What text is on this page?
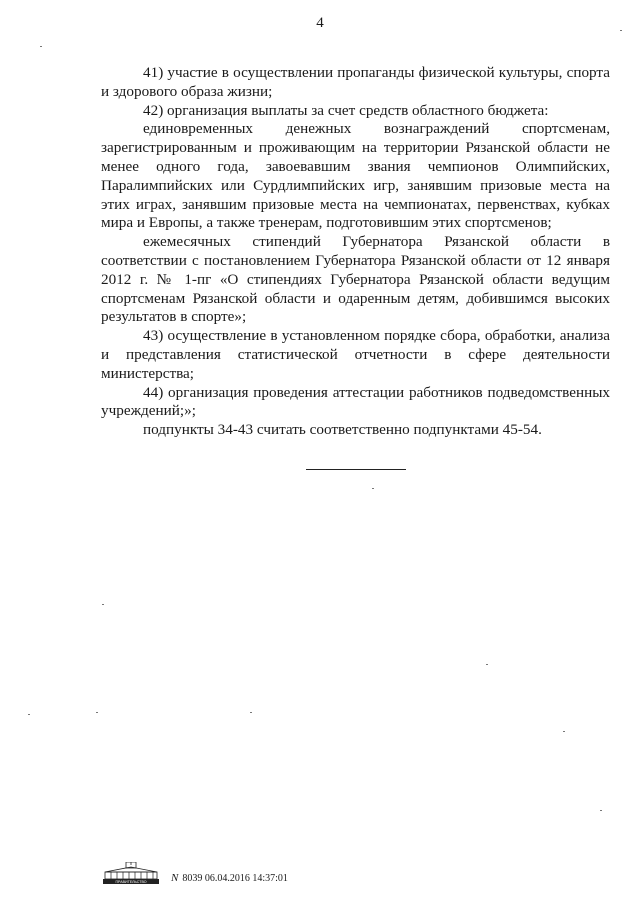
4

41) участие в осуществлении пропаганды физической культуры, спорта и здорового образа жизни;

42) организация выплаты за счет средств областного бюджета:

единовременных денежных вознаграждений спортсменам, зарегистрированным и проживающим на территории Рязанской области не менее одного года, завоевавшим звания чемпионов Олимпийских, Паралимпийских или Сурдлимпийских игр, занявшим призовые места на этих играх, занявшим призовые места на чемпионатах, первенствах, кубках мира и Европы, а также тренерам, подготовившим этих спортсменов;

ежемесячных стипендий Губернатора Рязанской области в соответствии с постановлением Губернатора Рязанской области от 12 января 2012 г. № 1-пг «О стипендиях Губернатора Рязанской области ведущим спортсменам Рязанской области и одаренным детям, добившимся высоких результатов в спорте»;

43) осуществление в установленном порядке сбора, обработки, анализа и представления статистической отчетности в сфере деятельности министерства;

44) организация проведения аттестации работников подведомственных учреждений;»;

подпункты 34-43 считать соответственно подпунктами 45-54.

ПРАВИТЕЛЬСТВО N 8039 06.04.2016 14:37:01
